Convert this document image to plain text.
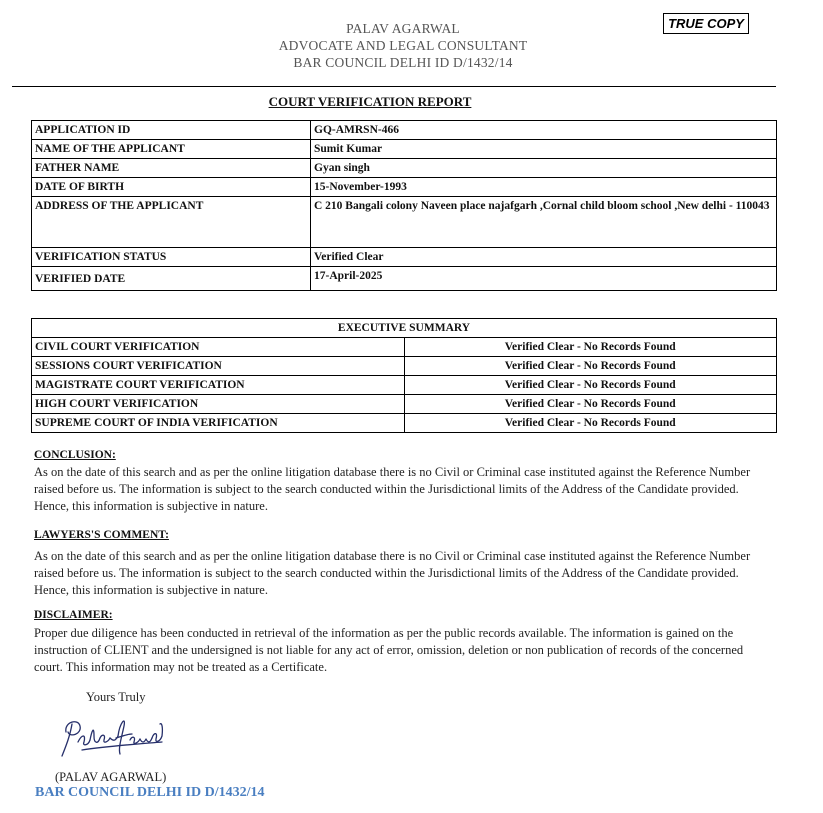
PALAV AGARWAL
ADVOCATE AND LEGAL CONSULTANT
BAR COUNCIL DELHI ID D/1432/14
TRUE COPY
COURT VERIFICATION REPORT
APPLICATION ID	GQ-AMRSN-466
NAME OF THE APPLICANT	Sumit Kumar
FATHER NAME	Gyan singh
DATE OF BIRTH	15-November-1993
ADDRESS OF THE APPLICANT	C 210 Bangali colony Naveen place najafgarh ,Cornal child bloom school ,New delhi - 110043
VERIFICATION STATUS	Verified Clear
VERIFIED DATE	17-April-2025
EXECUTIVE SUMMARY	
CIVIL COURT VERIFICATION	Verified Clear - No Records Found
SESSIONS COURT VERIFICATION	Verified Clear - No Records Found
MAGISTRATE COURT VERIFICATION	Verified Clear - No Records Found
HIGH COURT VERIFICATION	Verified Clear - No Records Found
SUPREME COURT OF INDIA VERIFICATION	Verified Clear - No Records Found
CONCLUSION:
As on the date of this search and as per the online litigation database there is no Civil or Criminal case instituted against the Reference Number raised before us. The information is subject to the search conducted within the Jurisdictional limits of the Address of the Candidate provided. Hence, this information is subjective in nature.
LAWYERS'S COMMENT:
As on the date of this search and as per the online litigation database there is no Civil or Criminal case instituted against the Reference Number raised before us. The information is subject to the search conducted within the Jurisdictional limits of the Address of the Candidate provided. Hence, this information is subjective in nature.
DISCLAIMER:
Proper due diligence has been conducted in retrieval of the information as per the public records available. The information is gained on the instruction of CLIENT and the undersigned is not liable for any act of error, omission, deletion or non publication of records of the concerned court. This information may not be treated as a Certificate.
Yours Truly
(PALAV AGARWAL)
BAR COUNCIL DELHI ID D/1432/14
